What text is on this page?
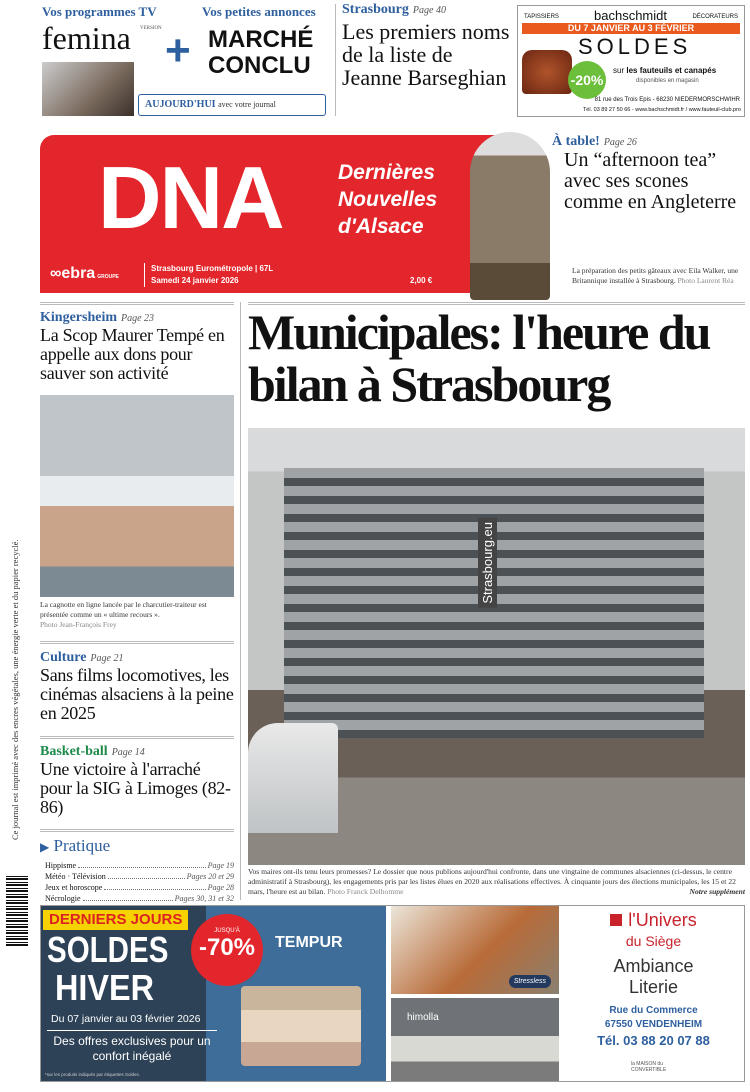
Ce journal est imprimé avec des encres végétales, une énergie verte et du papier recyclé.
Vos programmes TV	Vos petites annonces
femina VERSION + MARCHÉ
CONCLU
AUJOURD'HUI avec votre journal
Strasbourg Page 40
Les premiers noms de la liste de Jeanne Barseghian
TAPISSIERS	bachschmidt	DÉCORATEURS
DU 7 JANVIER AU 3 FÉVRIER
SOLDES
-20%
sur les fauteuils et canapés
disponibles en magasin
81 rue des Trois Epis - 68230 NIEDERMORSCHWIHR
Tél. 03 89 27 50 66 - www.bachschmidt.fr / www.fauteuil-club.pro
DNA	Dernières
Nouvelles
d'Alsace
∞ebra GROUPE
Strasbourg Eurométropole | 67L
Samedi 24 janvier 2026	2,00 €
À table! Page 26
Un “afternoon tea” avec ses scones comme en Angleterre
La préparation des petits gâteaux avec Eila Walker, une Britannique installée à Strasbourg. Photo Laurent Réa
Kingersheim Page 23
La Scop Maurer Tempé en appelle aux dons pour sauver son activité
La cagnotte en ligne lancée par le charcutier-traiteur est présentée comme un « ultime recours ».
Photo Jean-François Frey
Culture Page 21
Sans films locomotives, les cinémas alsaciens à la peine en 2025
Basket-ball Page 14
Une victoire à l'arraché pour la SIG à Limoges (82-86)
▶ Pratique
Hippisme	Page 19
Météo · Télévision	Pages 20 et 29
Jeux et horoscope	Page 28
Nécrologie	Pages 30, 31 et 32
Strasbourg.eu
Municipales: l'heure du bilan à Strasbourg
Vos maires ont-ils tenu leurs promesses? Le dossier que nous publions aujourd'hui confronte, dans une vingtaine de communes alsaciennes (ci-dessus, le centre administratif à Strasbourg), les engagements pris par les listes élues en 2020 aux réalisations effectives. À cinquante jours des élections municipales, les 15 et 22 mars, l'heure est au bilan. Photo Franck Delhomme	Notre supplément
DERNIERS JOURS
SOLDES
HIVER
JUSQU'À
-70%	TEMPUR
Du 07 janvier au 03 février 2026
Des offres exclusives pour un confort inégalé
*sur les produits indiqués par étiquettes Soldes.
Stressless
himolla
l'Univers
du Siège
Ambiance
Literie
Rue du Commerce
67550 VENDENHEIM
Tél. 03 88 20 07 88
la MAISON du CONVERTIBLE
